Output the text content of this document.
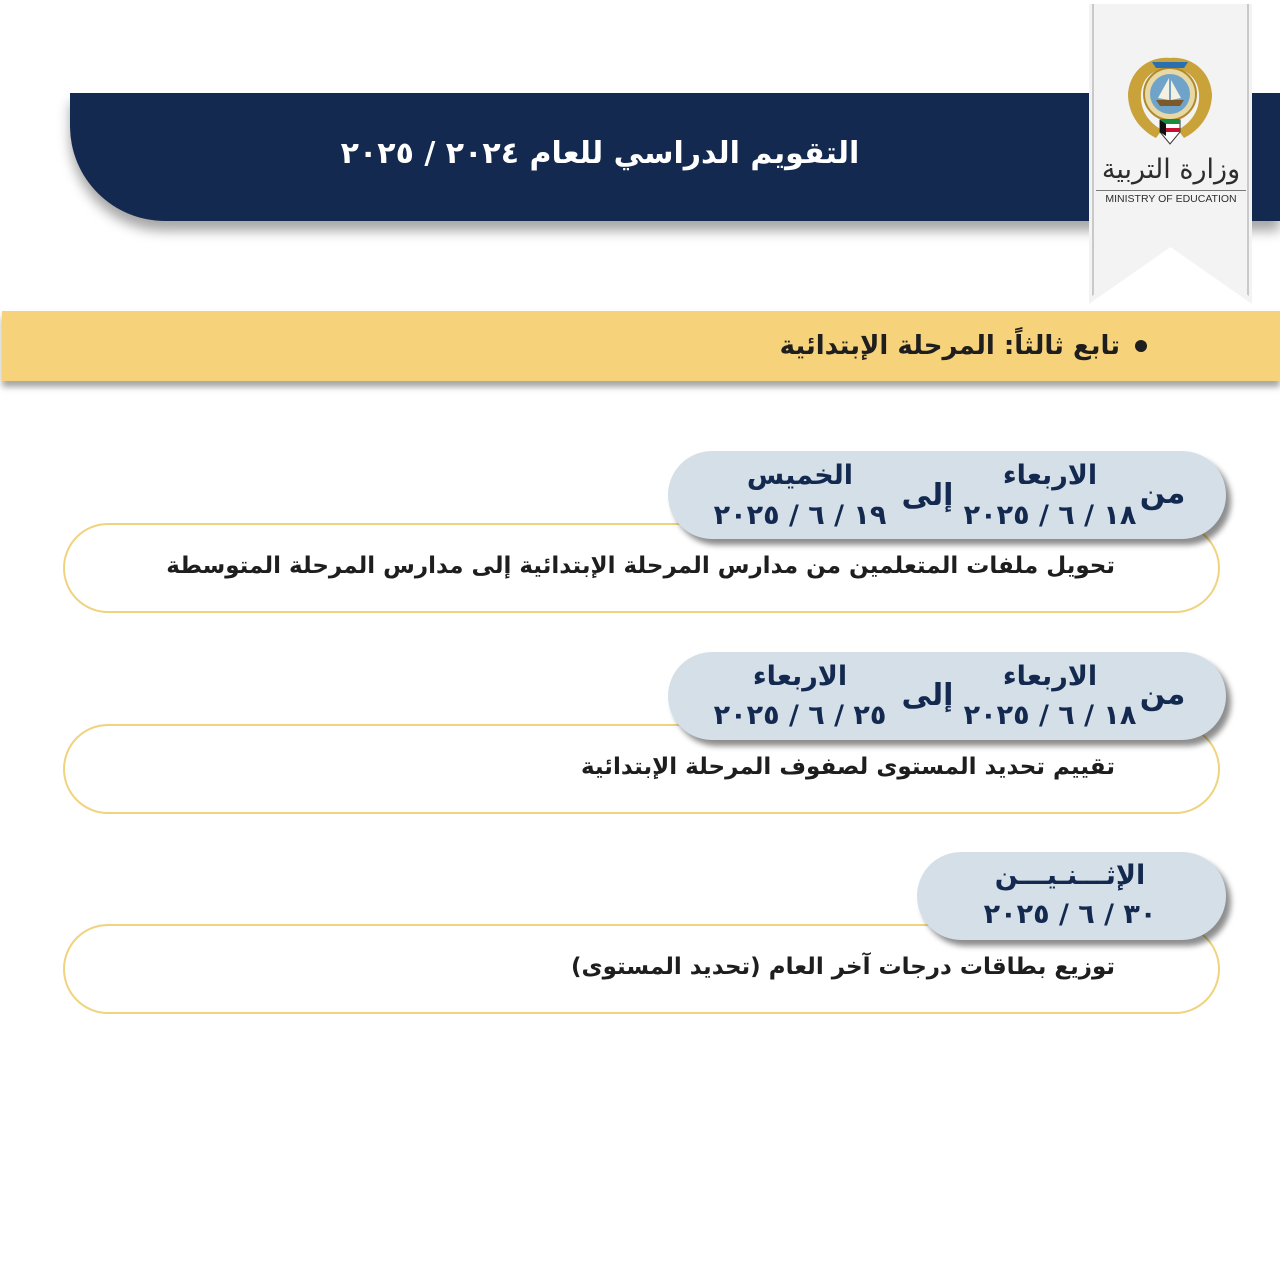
التقويم الدراسي للعام ٢٠٢٤ / ٢٠٢٥	وزارة التربية
MINISTRY OF EDUCATION
تابع ثالثاً: المرحلة الإبتدائية
تحويل ملفات المتعلمين من مدارس المرحلة الإبتدائية إلى مدارس المرحلة المتوسطة
من
الاربعاء
١٨ / ٦ / ٢٠٢٥
إلى
الخميس
١٩ / ٦ / ٢٠٢٥
تقييم تحديد المستوى لصفوف المرحلة الإبتدائية
من
الاربعاء
١٨ / ٦ / ٢٠٢٥
إلى
الاربعاء
٢٥ / ٦ / ٢٠٢٥
توزيع بطاقات درجات آخر العام (تحديد المستوى)
الإثـــنـيـــن
٣٠ / ٦ / ٢٠٢٥
